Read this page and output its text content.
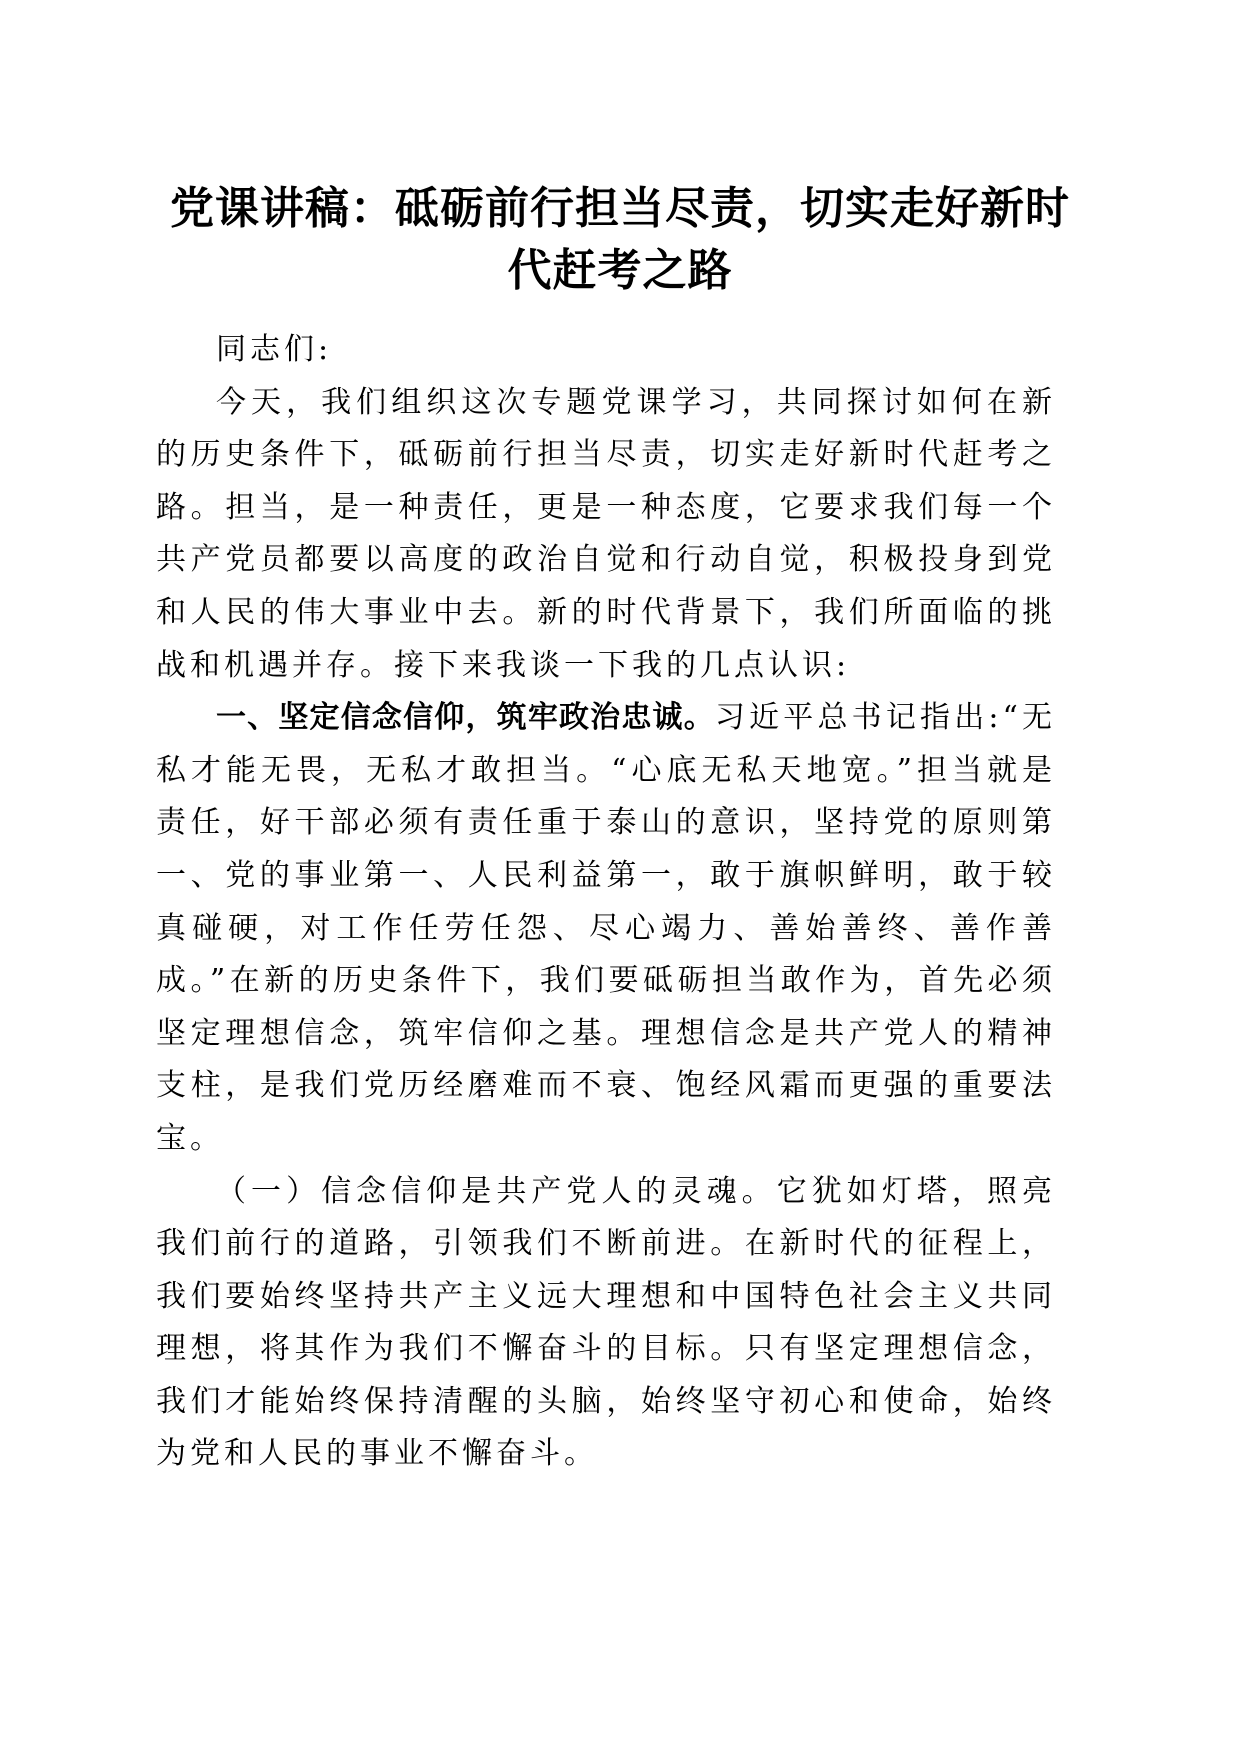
党课讲稿：砥砺前行担当尽责，切实走好新时代赶考之路

同志们:

今天，我们组织这次专题党课学习，共同探讨如何在新的历史条件下，砥砺前行担当尽责，切实走好新时代赶考之路。担当，是一种责任，更是一种态度，它要求我们每一个共产党员都要以高度的政治自觉和行动自觉，积极投身到党和人民的伟大事业中去。新的时代背景下，我们所面临的挑战和机遇并存。接下来我谈一下我的几点认识:

一、坚定信念信仰，筑牢政治忠诚。习近平总书记指出:“无私才能无畏，无私才敢担当。“心底无私天地宽。”担当就是责任，好干部必须有责任重于泰山的意识，坚持党的原则第一、党的事业第一、人民利益第一，敢于旗帜鲜明，敢于较真碰硬，对工作任劳任怨、尽心竭力、善始善终、善作善成。”在新的历史条件下，我们要砥砺担当敢作为，首先必须坚定理想信念，筑牢信仰之基。理想信念是共产党人的精神支柱，是我们党历经磨难而不衰、饱经风霜而更强的重要法宝。

（一）信念信仰是共产党人的灵魂。它犹如灯塔，照亮我们前行的道路，引领我们不断前进。在新时代的征程上，我们要始终坚持共产主义远大理想和中国特色社会主义共同理想，将其作为我们不懈奋斗的目标。只有坚定理想信念，我们才能始终保持清醒的头脑，始终坚守初心和使命，始终为党和人民的事业不懈奋斗。
